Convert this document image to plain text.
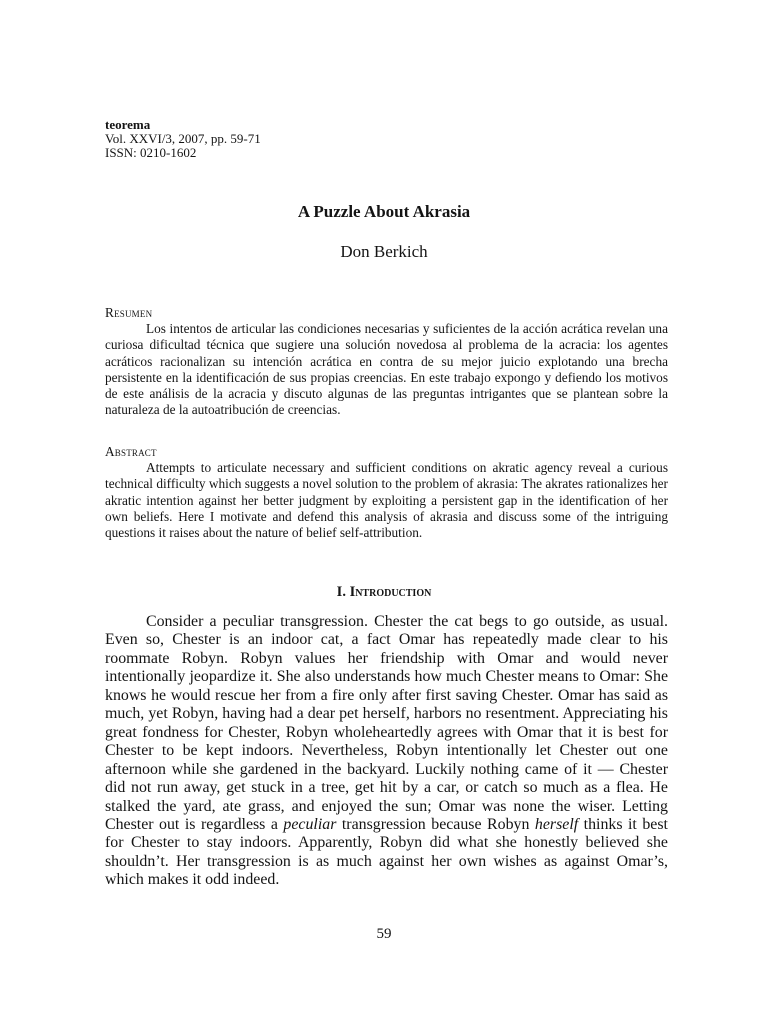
teorema
Vol. XXVI/3, 2007, pp. 59-71
ISSN: 0210-1602
A Puzzle About Akrasia

Don Berkich

Resumen

Los intentos de articular las condiciones necesarias y suficientes de la acción acrática revelan una curiosa dificultad técnica que sugiere una solución novedosa al problema de la acracia: los agentes acráticos racionalizan su intención acrática en contra de su mejor juicio explotando una brecha persistente en la identificación de sus propias creencias. En este trabajo expongo y defiendo los motivos de este análisis de la acracia y discuto algunas de las preguntas intrigantes que se plantean sobre la naturaleza de la autoatribución de creencias.

Abstract

Attempts to articulate necessary and sufficient conditions on akratic agency reveal a curious technical difficulty which suggests a novel solution to the problem of akrasia: The akrates rationalizes her akratic intention against her better judgment by exploiting a persistent gap in the identification of her own beliefs. Here I motivate and defend this analysis of akrasia and discuss some of the intriguing questions it raises about the nature of belief self-attribution.

I. Introduction

Consider a peculiar transgression. Chester the cat begs to go outside, as usual. Even so, Chester is an indoor cat, a fact Omar has repeatedly made clear to his roommate Robyn. Robyn values her friendship with Omar and would never intentionally jeopardize it. She also understands how much Chester means to Omar: She knows he would rescue her from a fire only after first saving Chester. Omar has said as much, yet Robyn, having had a dear pet herself, harbors no resentment. Appreciating his great fondness for Chester, Robyn wholeheartedly agrees with Omar that it is best for Chester to be kept indoors. Nevertheless, Robyn intentionally let Chester out one afternoon while she gardened in the backyard. Luckily nothing came of it — Chester did not run away, get stuck in a tree, get hit by a car, or catch so much as a flea. He stalked the yard, ate grass, and enjoyed the sun; Omar was none the wiser. Letting Chester out is regardless a peculiar transgression because Robyn herself thinks it best for Chester to stay indoors. Apparently, Robyn did what she honestly believed she shouldn’t. Her transgression is as much against her own wishes as against Omar’s, which makes it odd indeed.

59
